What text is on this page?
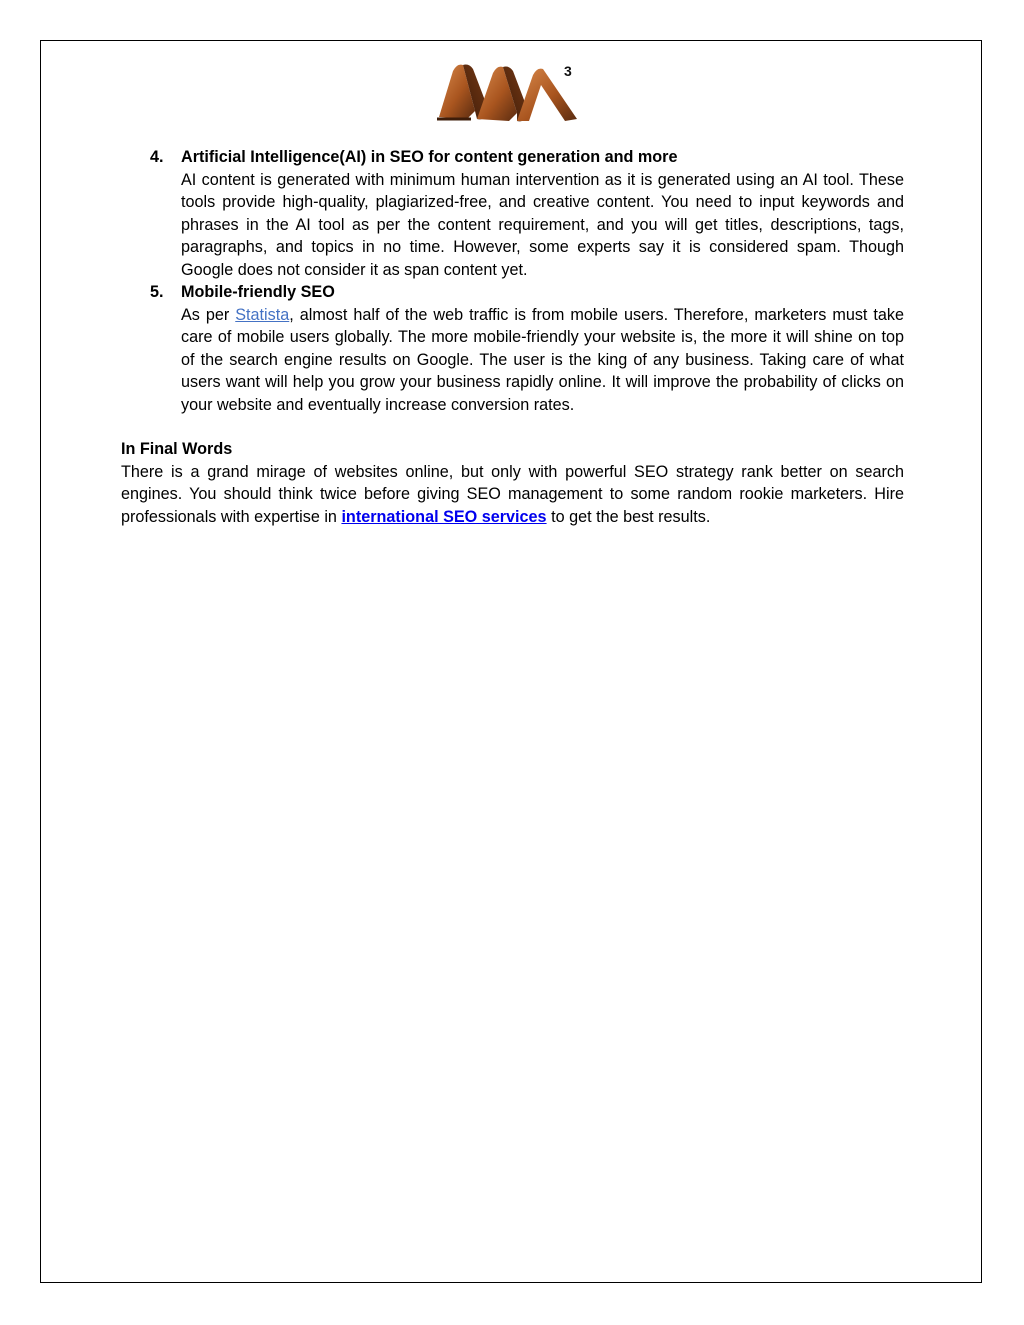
3
4. Artificial Intelligence(AI) in SEO for content generation and more
AI content is generated with minimum human intervention as it is generated using an AI tool. These tools provide high-quality, plagiarized-free, and creative content. You need to input keywords and phrases in the AI tool as per the content requirement, and you will get titles, descriptions, tags, paragraphs, and topics in no time. However, some experts say it is considered spam. Though Google does not consider it as span content yet.
5. Mobile-friendly SEO
As per Statista, almost half of the web traffic is from mobile users. Therefore, marketers must take care of mobile users globally. The more mobile-friendly your website is, the more it will shine on top of the search engine results on Google. The user is the king of any business. Taking care of what users want will help you grow your business rapidly online. It will improve the probability of clicks on your website and eventually increase conversion rates.
In Final Words
There is a grand mirage of websites online, but only with powerful SEO strategy rank better on search engines. You should think twice before giving SEO management to some random rookie marketers. Hire professionals with expertise in international SEO services to get the best results.
